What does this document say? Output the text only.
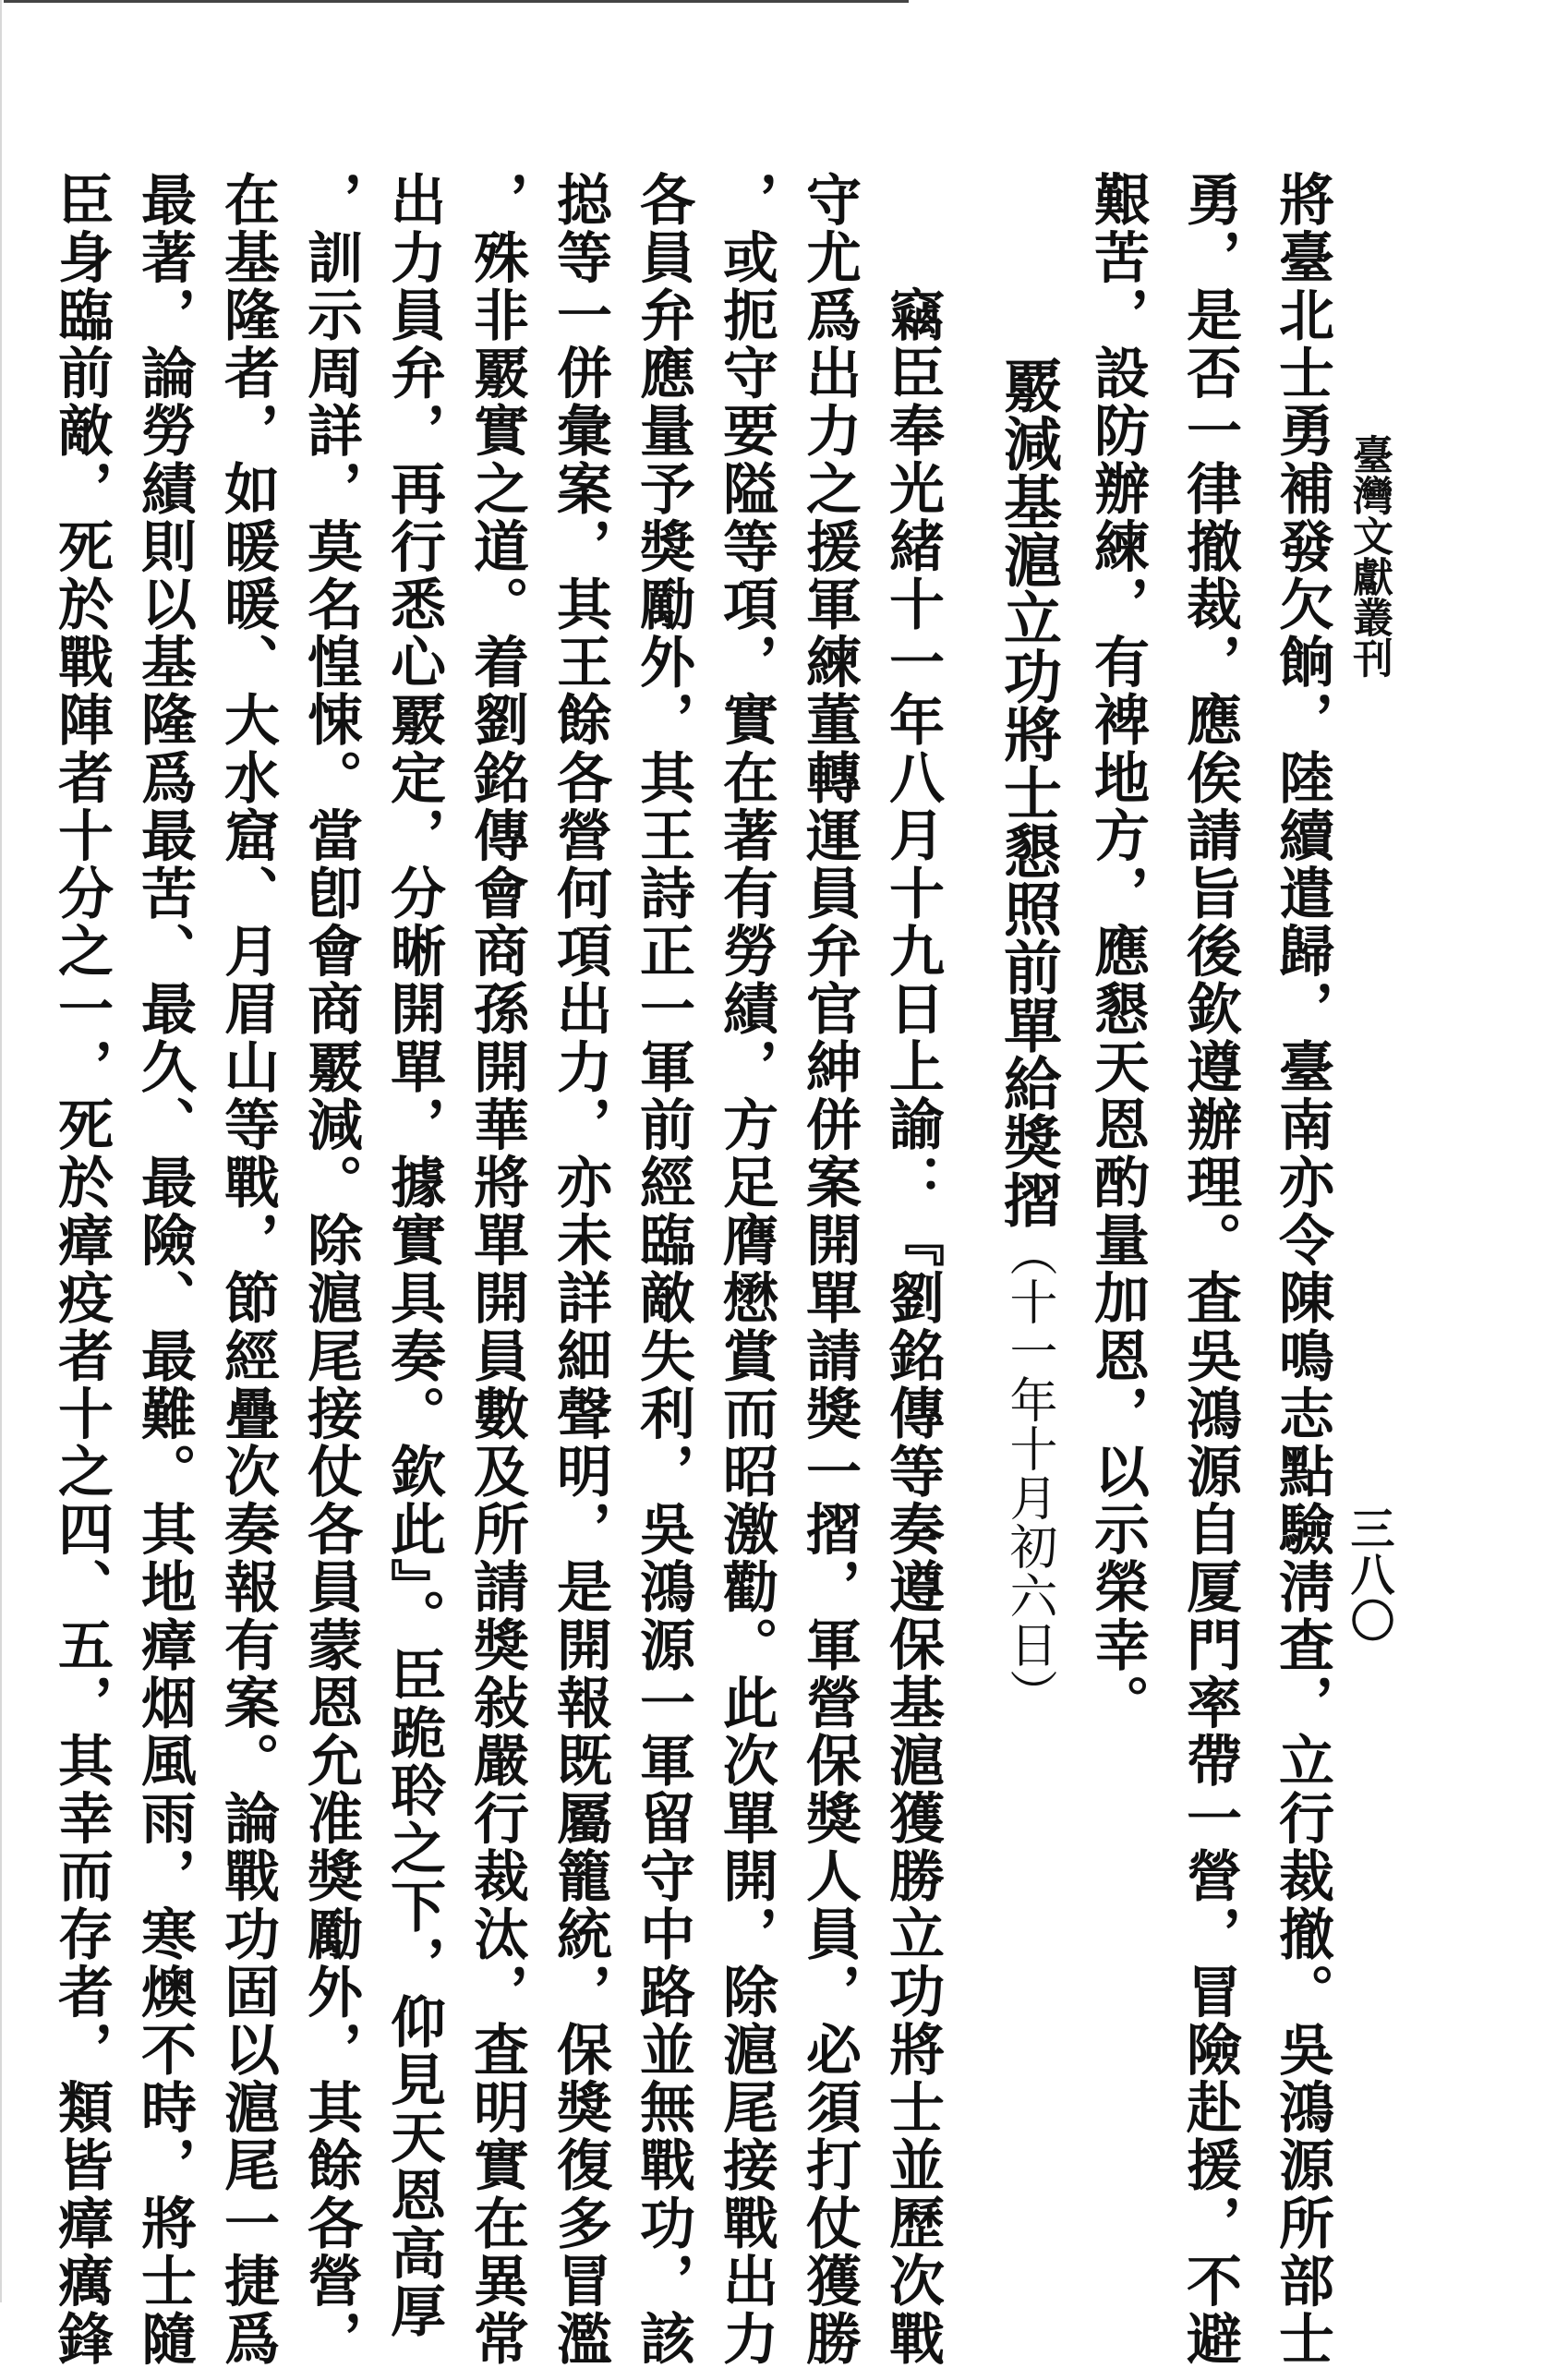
臺灣文獻叢刊
三八〇
將臺北士勇補發欠餉，陸續遣歸，臺南亦令陳鳴志點驗淸査，立行裁撤。吳鴻源所部士
勇，是否一律撤裁，應俟請旨後欽遵辦理。査吳鴻源自厦門率帶一營，冒險赴援，不避
艱苦，設防辦練，有裨地方，應懇天恩酌量加恩，以示榮幸。
覈減基滬立功將士懇照前單給獎摺（十一年十月初六日）
竊臣奉光緒十一年八月十九日上諭：『劉銘傳等奏遵保基滬獲勝立功將士並歷次戰
守尤爲出力之援軍練董轉運員弁官紳併案開單請獎一摺，軍營保獎人員，必須打仗獲勝
，或扼守要隘等項，實在著有勞績，方足膺懋賞而昭激勸。此次單開，除滬尾接戰出力
各員弁應量予獎勵外，其王詩正一軍前經臨敵失利，吳鴻源一軍留守中路並無戰功，該
搃等一併彙案，其王餘各營何項出力，亦未詳細聲明，是開報既屬籠統，保獎復多冒濫
，殊非覈實之道。着劉銘傳會商孫開華將單開員數及所請獎敍嚴行裁汰，査明實在異常
出力員弁，再行悉心覈定，分晰開單，據實具奏。欽此』。臣跪聆之下，仰見天恩高厚
，訓示周詳，莫名惶悚。當卽會商覈減。除滬尾接仗各員蒙恩允准獎勵外，其餘各營，
在基隆者，如暖暖、大水窟、月眉山等戰，節經疊次奏報有案。論戰功固以滬尾一捷爲
最著，論勞績則以基隆爲最苦、最久、最險、最難。其地瘴烟風雨，寒燠不時，將士隨
臣身臨前敵，死於戰陣者十分之一，死於瘴疫者十之四、五，其幸而存者，類皆瘴癘鋒
